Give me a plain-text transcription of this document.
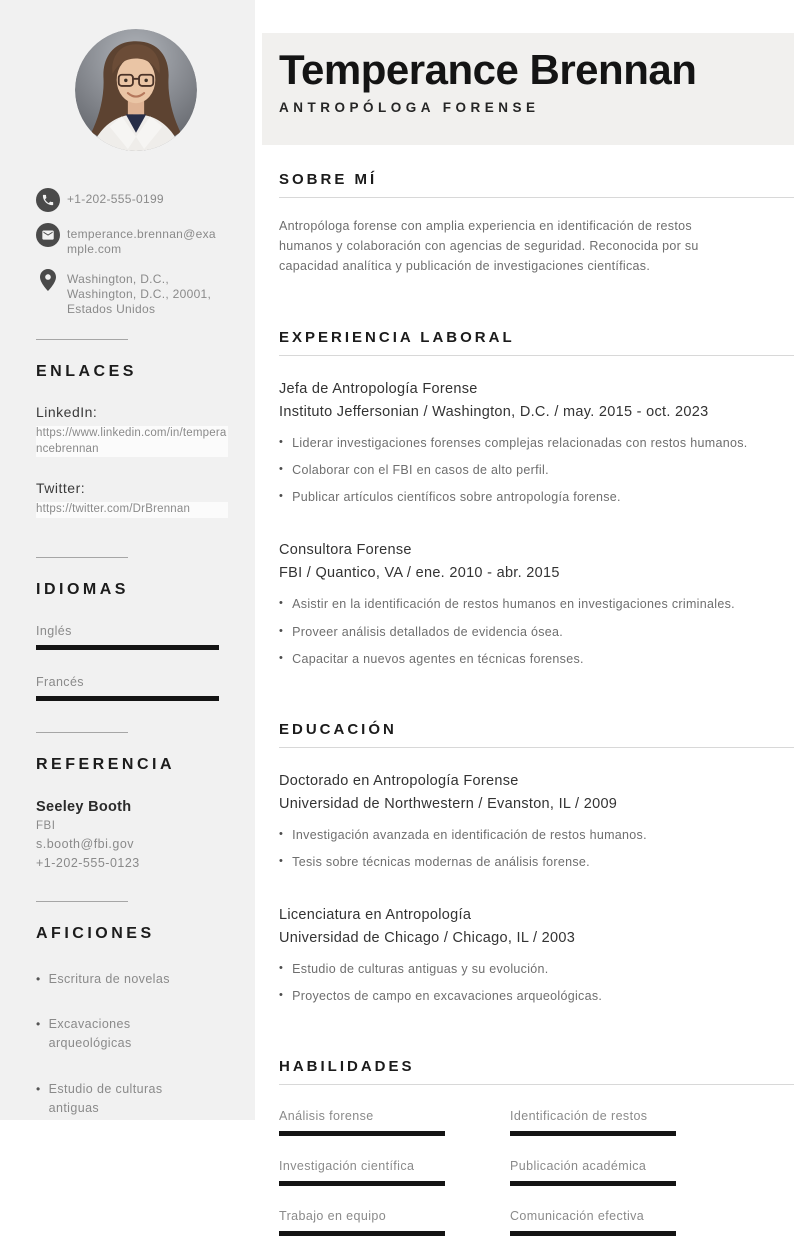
+1-202-555-0199
temperance.brennan@example.com
Washington, D.C.,
Washington, D.C., 20001,
Estados Unidos
ENLACES
LinkedIn:
https://www.linkedin.com/in/temperancebrennan
Twitter:
https://twitter.com/DrBrennan
IDIOMAS
Inglés
Francés
REFERENCIA
Seeley Booth
FBI
s.booth@fbi.gov
+1-202-555-0123
AFICIONES
• Escritura de novelas
• Excavaciones arqueológicas
• Estudio de culturas antiguas
Temperance Brennan
ANTROPÓLOGA FORENSE
SOBRE MÍ

Antropóloga forense con amplia experiencia en identificación de restos humanos y colaboración con agencias de seguridad. Reconocida por su capacidad analítica y publicación de investigaciones científicas.

EXPERIENCIA LABORAL
Jefa de Antropología Forense
Instituto Jeffersonian / Washington, D.C. / may. 2015 - oct. 2023
• Liderar investigaciones forenses complejas relacionadas con restos humanos.
• Colaborar con el FBI en casos de alto perfil.
• Publicar artículos científicos sobre antropología forense.
Consultora Forense
FBI / Quantico, VA / ene. 2010 - abr. 2015
• Asistir en la identificación de restos humanos en investigaciones criminales.
• Proveer análisis detallados de evidencia ósea.
• Capacitar a nuevos agentes en técnicas forenses.
EDUCACIÓN
Doctorado en Antropología Forense
Universidad de Northwestern / Evanston, IL / 2009
• Investigación avanzada en identificación de restos humanos.
• Tesis sobre técnicas modernas de análisis forense.
Licenciatura en Antropología
Universidad de Chicago / Chicago, IL / 2003
• Estudio de culturas antiguas y su evolución.
• Proyectos de campo en excavaciones arqueológicas.
HABILIDADES
Análisis forense	Identificación de restos
Investigación científica	Publicación académica
Trabajo en equipo	Comunicación efectiva
